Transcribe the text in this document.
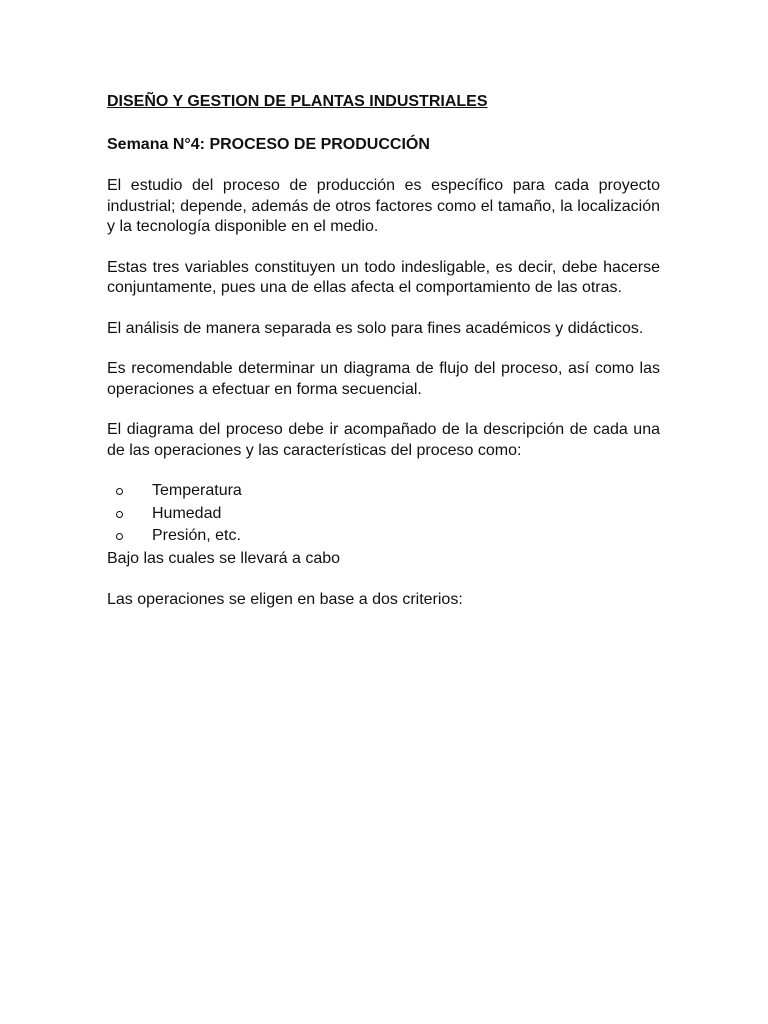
DISEÑO Y GESTION DE PLANTAS INDUSTRIALES
Semana N°4: PROCESO DE PRODUCCIÓN

El estudio del proceso de producción es específico para cada proyecto industrial; depende, además de otros factores como el tamaño, la localización y la tecnología disponible en el medio.

Estas tres variables constituyen un todo indesligable, es decir, debe hacerse conjuntamente, pues una de ellas afecta el comportamiento de las otras.

El análisis de manera separada es solo para fines académicos y didácticos.

Es recomendable determinar un diagrama de flujo del proceso, así como las operaciones a efectuar en forma secuencial.

El diagrama del proceso debe ir acompañado de la descripción de cada una de las operaciones y las características del proceso como:

Temperatura
Humedad
Presión, etc.

Bajo las cuales se llevará a cabo

Las operaciones se eligen en base a dos criterios:
